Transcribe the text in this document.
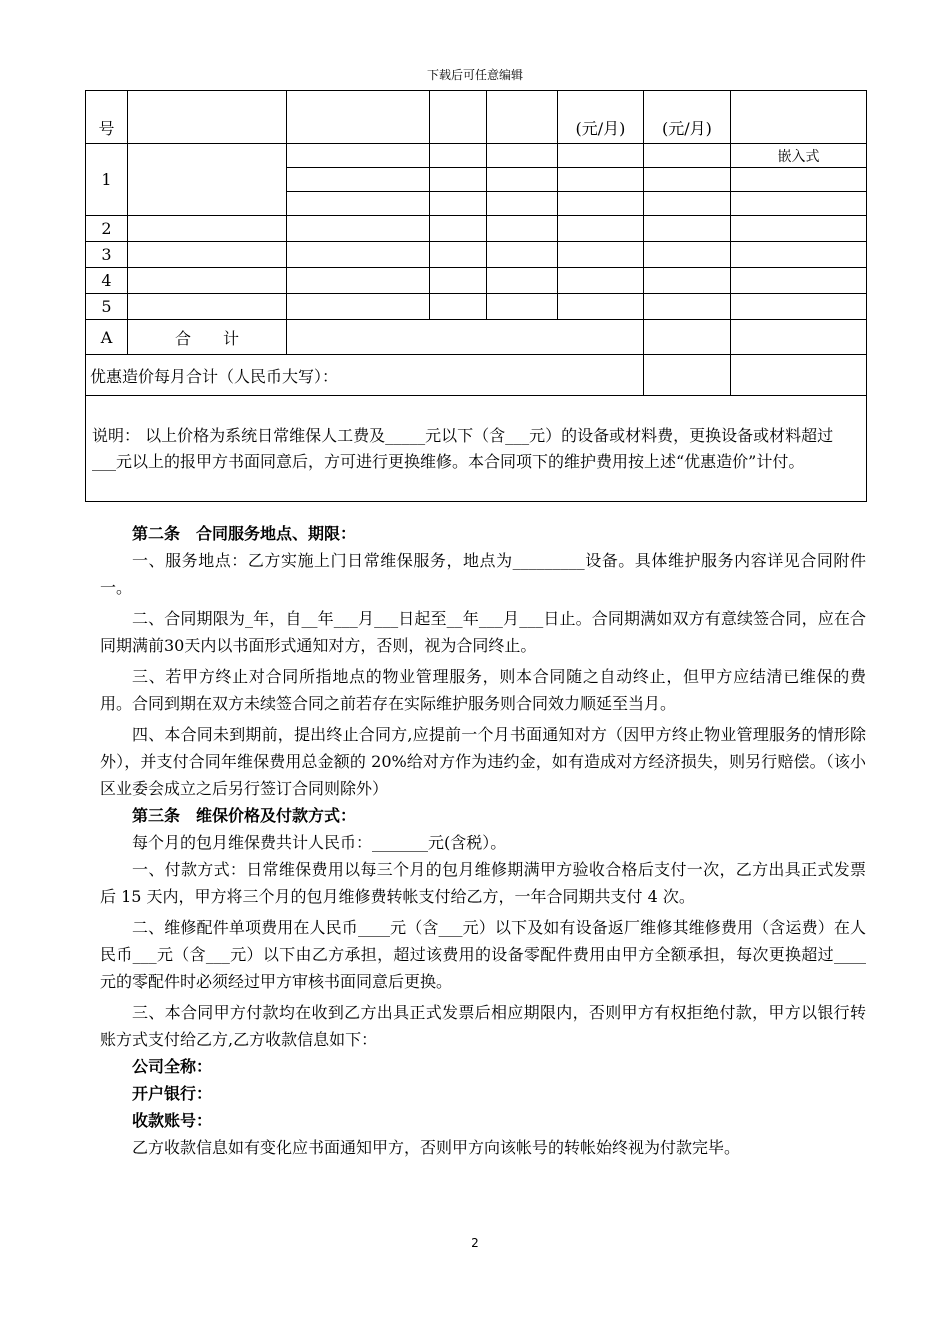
下载后可任意编辑
号					(元/月)	(元/月)	
1							嵌入式

2							
3							
4							
5							
A	合　　计						
优惠造价每月合计（人民币大写）：							
说明： 以上价格为系统日常维保人工费及_____元以下（含___元）的设备或材料费，更换设备或材料超过 ___元以上的报甲方书面同意后，方可进行更换维修。本合同项下的维护费用按上述“优惠造价”计付。							

第二条　合同服务地点、期限：

一、服务地点：乙方实施上门日常维保服务，地点为_________设备。具体维护服务内容详见合同附件一。

二、合同期限为_年，自__年___月___日起至__年___月___日止。合同期满如双方有意续签合同，应在合同期满前30天内以书面形式通知对方，否则，视为合同终止。

三、若甲方终止对合同所指地点的物业管理服务，则本合同随之自动终止，但甲方应结清已维保的费用。合同到期在双方未续签合同之前若存在实际维护服务则合同效力顺延至当月。

四、本合同未到期前，提出终止合同方,应提前一个月书面通知对方（因甲方终止物业管理服务的情形除外），并支付合同年维保费用总金额的 20%给对方作为违约金，如有造成对方经济损失，则另行赔偿。（该小区业委会成立之后另行签订合同则除外）

第三条　维保价格及付款方式：

每个月的包月维保费共计人民币：_______元(含税）。

一、付款方式：日常维保费用以每三个月的包月维修期满甲方验收合格后支付一次，乙方出具正式发票后 15 天内，甲方将三个月的包月维修费转帐支付给乙方，一年合同期共支付 4 次。

二、维修配件单项费用在人民币____元（含___元）以下及如有设备返厂维修其维修费用（含运费）在人民币___元（含___元）以下由乙方承担，超过该费用的设备零配件费用由甲方全额承担，每次更换超过____元的零配件时必须经过甲方审核书面同意后更换。

三、本合同甲方付款均在收到乙方出具正式发票后相应期限内，否则甲方有权拒绝付款，甲方以银行转账方式支付给乙方,乙方收款信息如下：

公司全称：

开户银行：

收款账号：

乙方收款信息如有变化应书面通知甲方，否则甲方向该帐号的转帐始终视为付款完毕。

2
